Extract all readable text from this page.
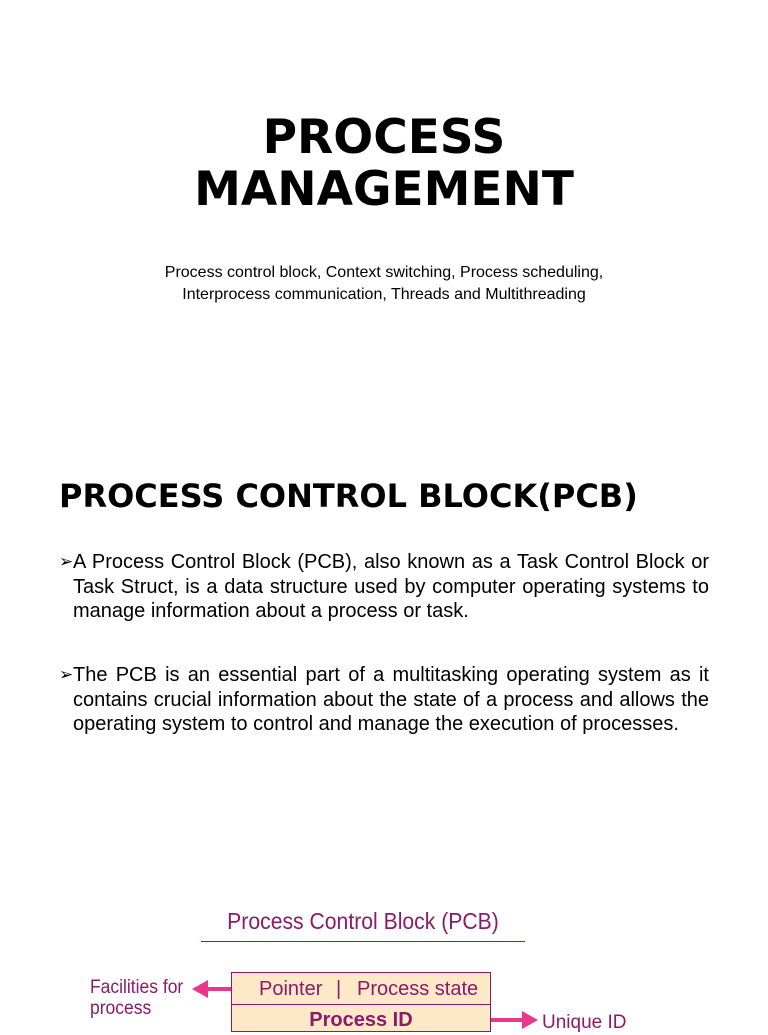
PROCESS
MANAGEMENT
Process control block, Context switching, Process scheduling,
Interprocess communication, Threads and Multithreading
PROCESS CONTROL BLOCK(PCB)
➢ A Process Control Block (PCB), also known as a Task Control Block or Task Struct, is a data structure used by computer operating systems to manage information about a process or task.
➢ The PCB is an essential part of a multitasking operating system as it contains crucial information about the state of a process and allows the operating system to control and manage the execution of processes.
Process Control Block (PCB)
Facilities for
process
Pointer | Process state
Process ID	Unique ID
